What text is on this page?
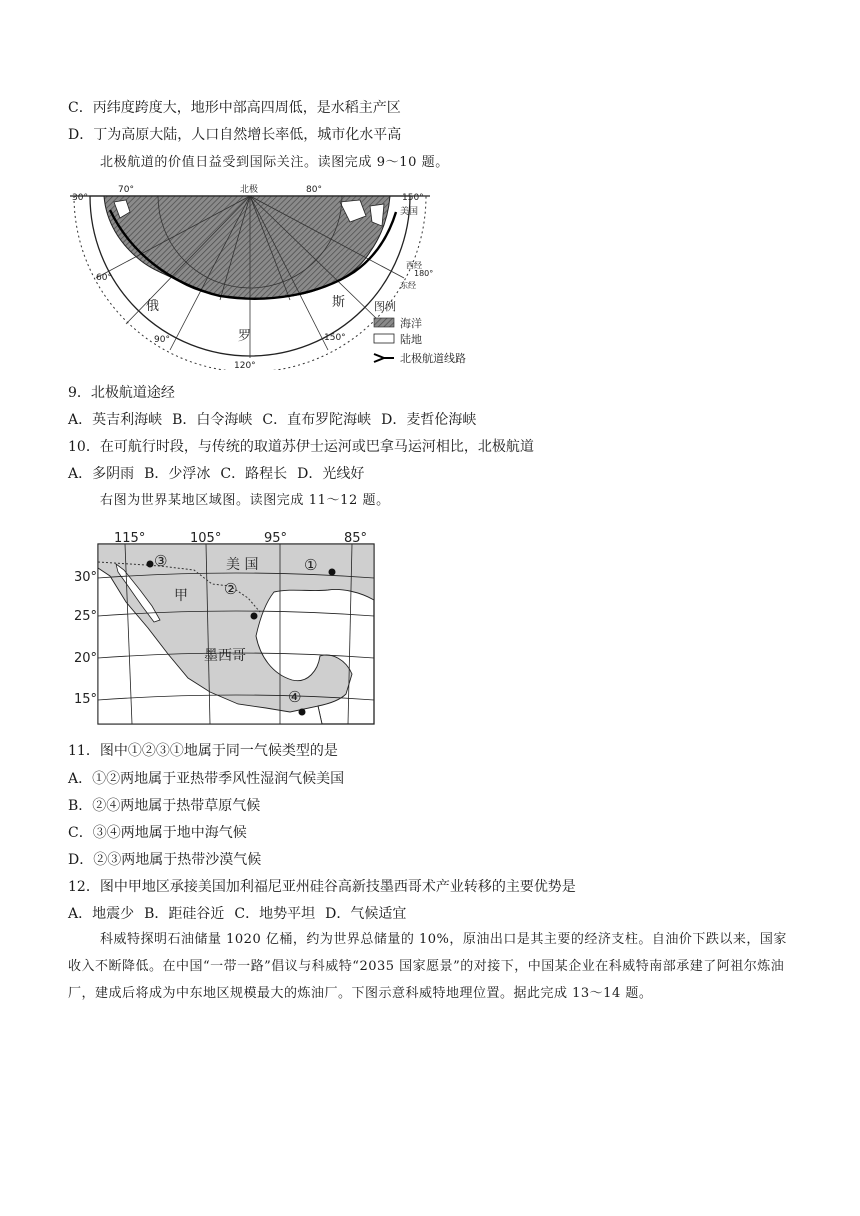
C．丙纬度跨度大，地形中部高四周低，是水稻主产区
D．丁为高原大陆，人口自然增长率低，城市化水平高
北极航道的价值日益受到国际关注。读图完成 9～10 题。
30°
70°	北极	80°
150°
60°
90°
120°
150°
180°
美国
西经
东经
俄
罗
斯	图例
海洋
陆地
北极航道线路
9．北极航道途经
A．英吉利海峡 B．白令海峡 C．直布罗陀海峡 D．麦哲伦海峡
10．在可航行时段，与传统的取道苏伊士运河或巴拿马运河相比，北极航道
A．多阴雨 B．少浮冰 C．路程长 D．光线好
右图为世界某地区域图。读图完成 11～12 题。
115°	105°	95°	85°
30°
25°
20°
15°
美 国
甲
墨西哥
③	①
②
④
11．图中①②③①地属于同一气候类型的是
A．①②两地属于亚热带季风性湿润气候美国
B．②④两地属于热带草原气候
C．③④两地属于地中海气候
D．②③两地属于热带沙漠气候
12．图中甲地区承接美国加利福尼亚州硅谷高新技墨西哥术产业转移的主要优势是
A．地震少 B．距硅谷近 C．地势平坦 D．气候适宜
科威特探明石油储量 1020 亿桶，约为世界总储量的 10%，原油出口是其主要的经济支柱。自油价下跌以来，国家收入不断降低。在中国“一带一路”倡议与科威特“2035 国家愿景”的对接下，中国某企业在科威特南部承建了阿祖尔炼油厂，建成后将成为中东地区规模最大的炼油厂。下图示意科威特地理位置。据此完成 13～14 题。
